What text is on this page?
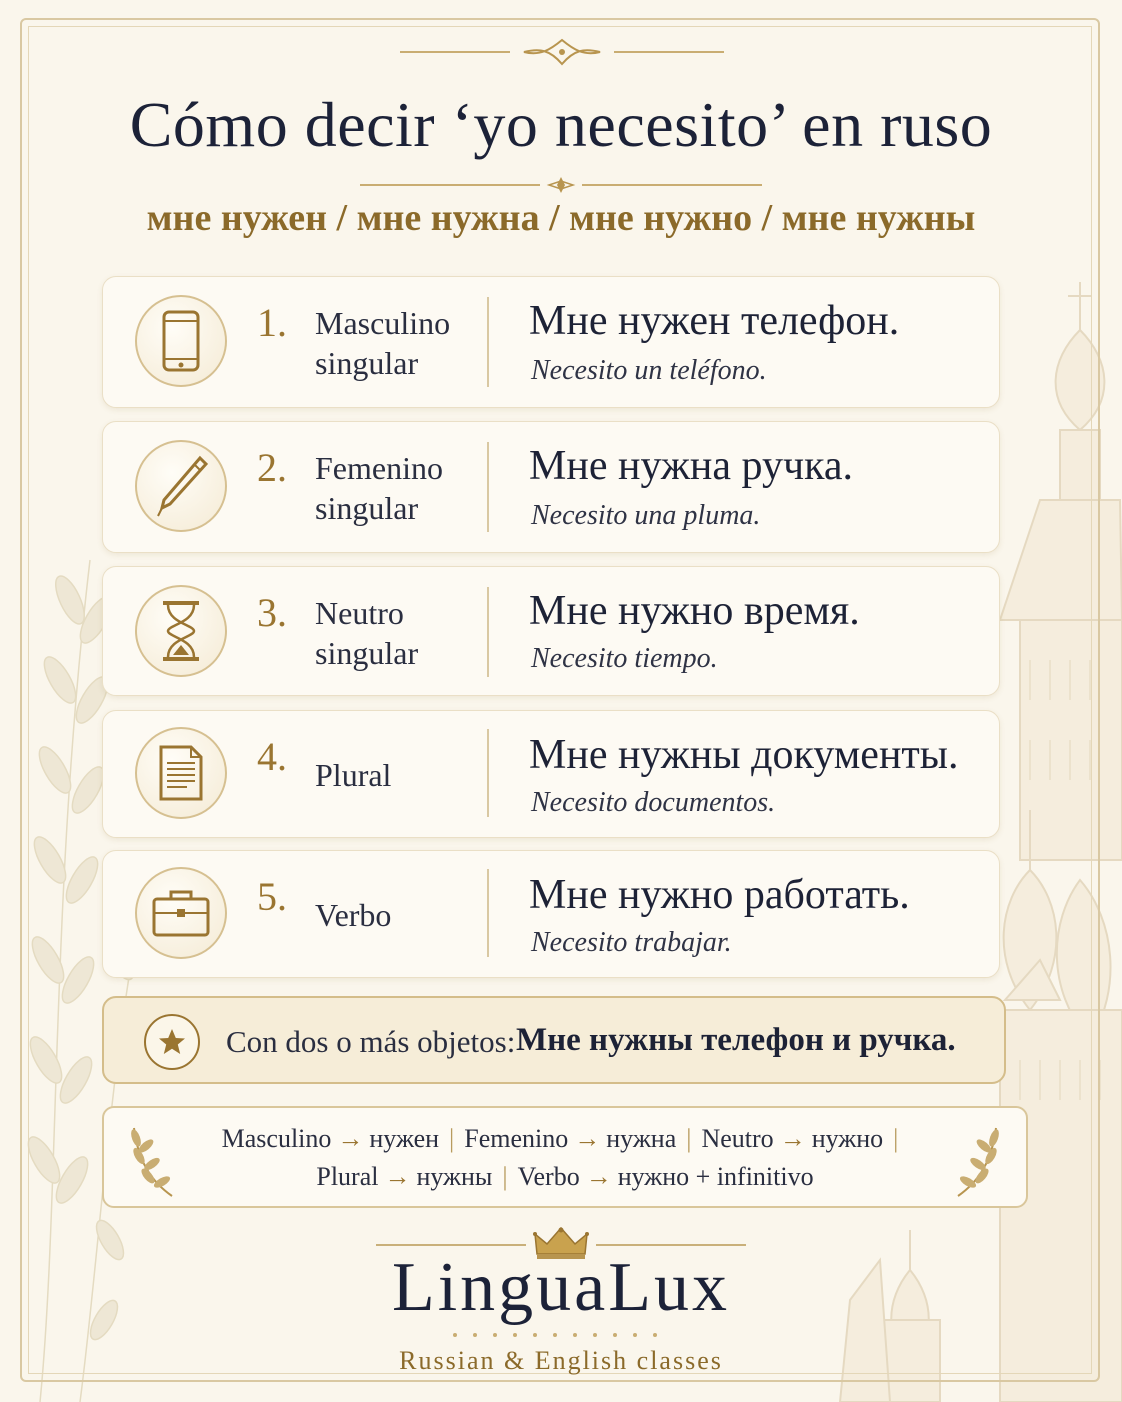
Cómo decir ‘yo necesito’ en ruso
мне нужен / мне нужна / мне нужно / мне нужны
1. Masculino
singular
Мне нужен телефон.
Necesito un teléfono.
2. Femenino
singular
Мне нужна ручка.
Necesito una pluma.
3. Neutro
singular
Мне нужно время.
Necesito tiempo.
4. Plural	Мне нужны документы.
Necesito documentos.
5. Verbo	Мне нужно работать.
Necesito trabajar.
Con dos o más objetos: Мне нужны телефон и ручка.
Masculino → нужен | Femenino → нужна | Neutro → нужно |
Plural → нужны | Verbo → нужно + infinitivo
LinguaLux
Russian & English classes
